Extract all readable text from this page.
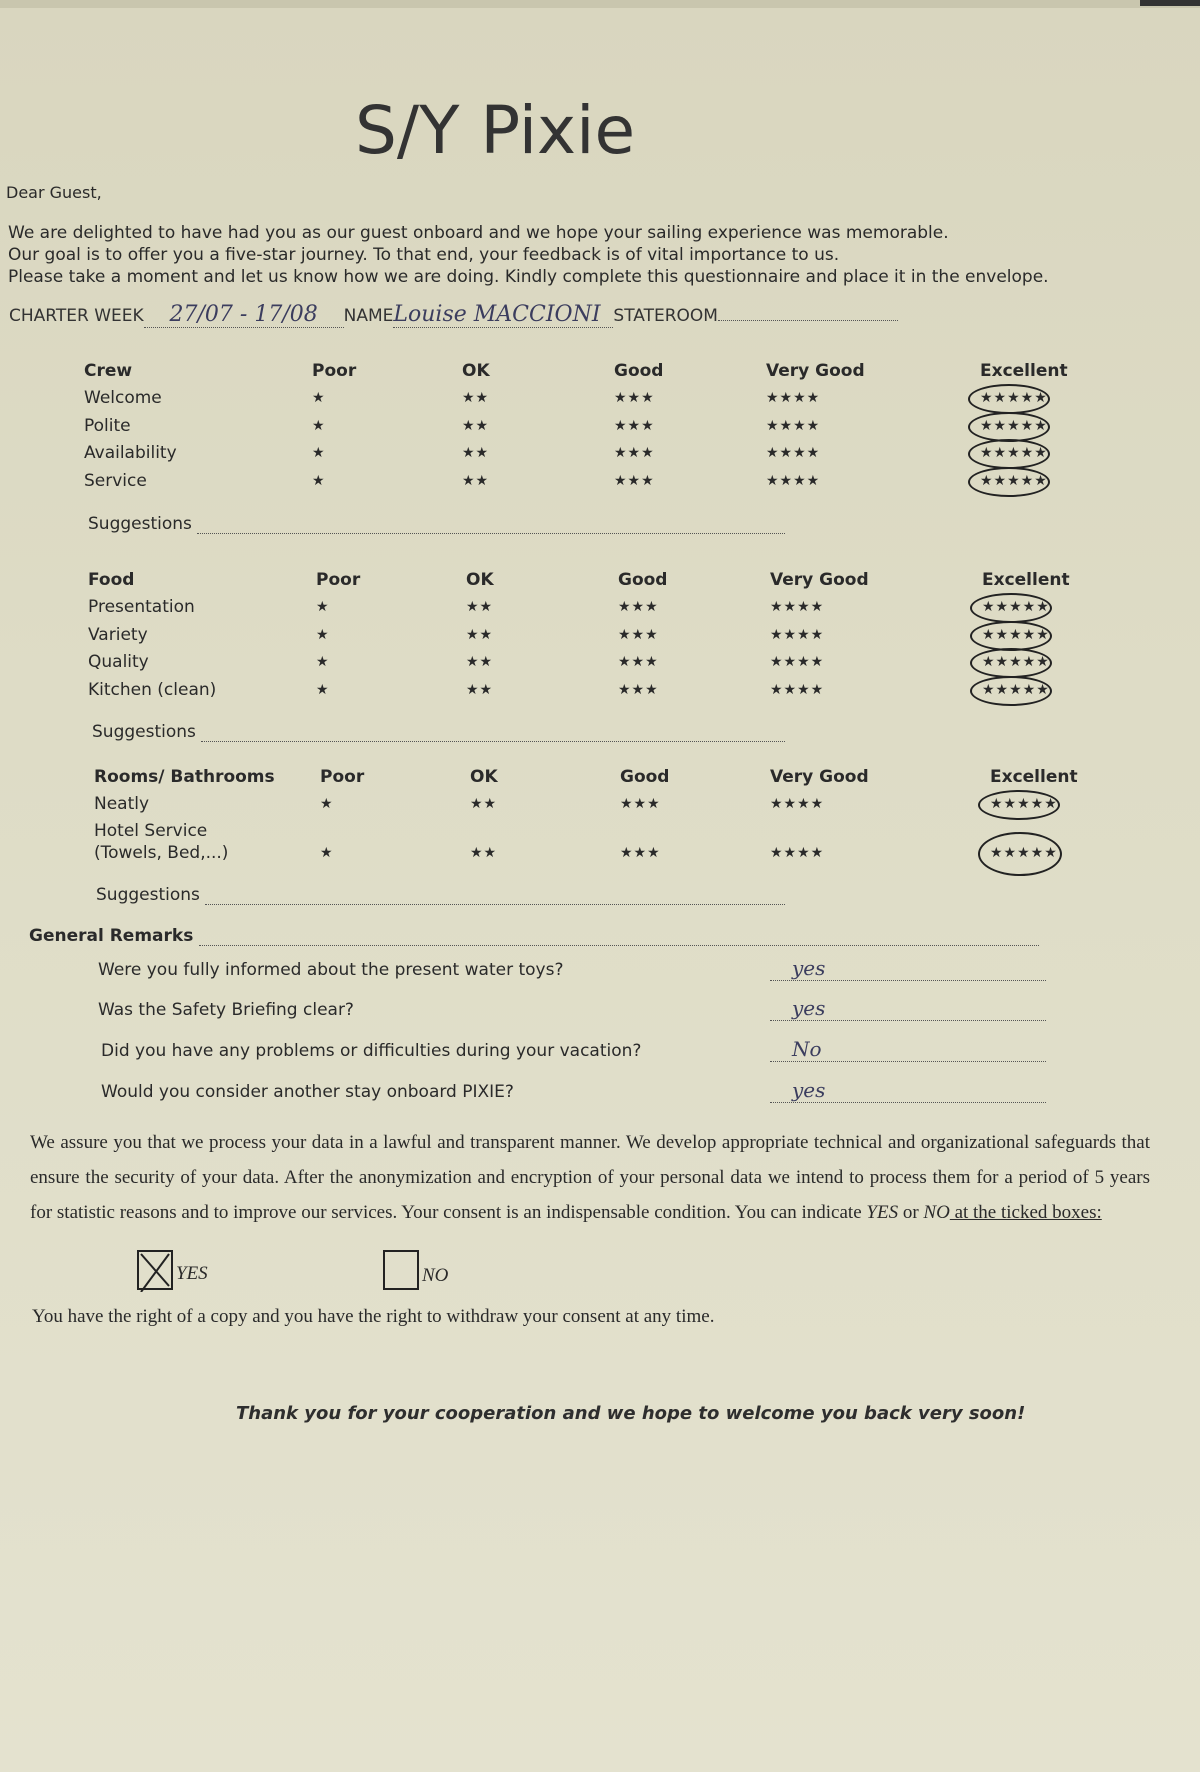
S/Y Pixie
Dear Guest,
We are delighted to have had you as our guest onboard and we hope your sailing experience was memorable.
Our goal is to offer you a five-star journey. To that end, your feedback is of vital importance to us.
Please take a moment and let us know how we are doing. Kindly complete this questionnaire and place it in the envelope.
CHARTER WEEK 27/07 - 17/08 NAMELouise MACCIONI STATEROOM
Crew	Poor	OK	Good	Very Good	Excellent
Welcome	★	★★	★★★	★★★★	★★★★★
Polite	★	★★	★★★	★★★★	★★★★★
Availability	★	★★	★★★	★★★★	★★★★★
Service	★	★★	★★★	★★★★	★★★★★
Suggestions
Food	Poor	OK	Good	Very Good	Excellent
Presentation	★	★★	★★★	★★★★	★★★★★
Variety	★	★★	★★★	★★★★	★★★★★
Quality	★	★★	★★★	★★★★	★★★★★
Kitchen (clean)	★	★★	★★★	★★★★	★★★★★
Suggestions
Rooms/ Bathrooms	Poor	OK	Good	Very Good	Excellent
Neatly	★	★★	★★★	★★★★	★★★★★

Hotel Service
(Towels, Bed,...)	★	★★	★★★	★★★★	★★★★★
Suggestions
General Remarks
Were you fully informed about the present water toys?	yes
Was the Safety Briefing clear?	yes
Did you have any problems or difficulties during your vacation?	No
Would you consider another stay onboard PIXIE?	yes
We assure you that we process your data in a lawful and transparent manner. We develop appropriate technical and organizational safeguards that ensure the security of your data. After the anonymization and encryption of your personal data we intend to process them for a period of 5 years for statistic reasons and to improve our services. Your consent is an indispensable condition. You can indicate YES or NO at the ticked boxes:
YES	NO
You have the right of a copy and you have the right to withdraw your consent at any time.
Thank you for your cooperation and we hope to welcome you back very soon!
